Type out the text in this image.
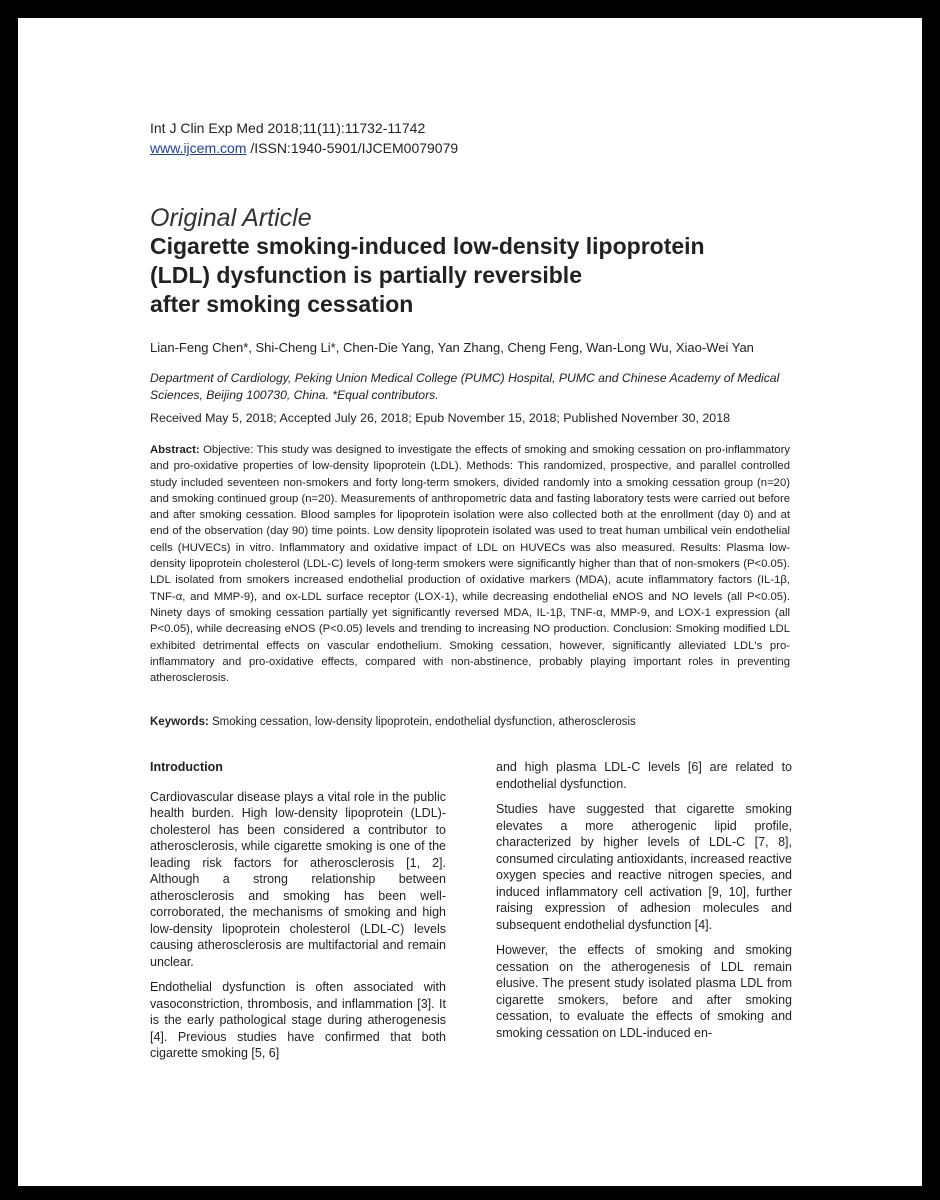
Int J Clin Exp Med 2018;11(11):11732-11742
www.ijcem.com /ISSN:1940-5901/IJCEM0079079
Original Article
Cigarette smoking-induced low-density lipoprotein
(LDL) dysfunction is partially reversible
after smoking cessation
Lian-Feng Chen*, Shi-Cheng Li*, Chen-Die Yang, Yan Zhang, Cheng Feng, Wan-Long Wu, Xiao-Wei Yan
Department of Cardiology, Peking Union Medical College (PUMC) Hospital, PUMC and Chinese Academy of Medical Sciences, Beijing 100730, China. *Equal contributors.
Received May 5, 2018; Accepted July 26, 2018; Epub November 15, 2018; Published November 30, 2018
Abstract: Objective: This study was designed to investigate the effects of smoking and smoking cessation on pro-inflammatory and pro-oxidative properties of low-density lipoprotein (LDL). Methods: This randomized, prospective, and parallel controlled study included seventeen non-smokers and forty long-term smokers, divided randomly into a smoking cessation group (n=20) and smoking continued group (n=20). Measurements of anthropometric data and fasting laboratory tests were carried out before and after smoking cessation. Blood samples for lipoprotein isolation were also collected both at the enrollment (day 0) and at end of the observation (day 90) time points. Low density lipoprotein isolated was used to treat human umbilical vein endothelial cells (HUVECs) in vitro. Inflammatory and oxidative impact of LDL on HUVECs was also measured. Results: Plasma low-density lipoprotein cholesterol (LDL-C) levels of long-term smokers were significantly higher than that of non-smokers (P<0.05). LDL isolated from smokers increased endothelial production of oxidative markers (MDA), acute inflammatory factors (IL-1β, TNF-α, and MMP-9), and ox-LDL surface receptor (LOX-1), while decreasing endothelial eNOS and NO levels (all P<0.05). Ninety days of smoking cessation partially yet significantly reversed MDA, IL-1β, TNF-α, MMP-9, and LOX-1 expression (all P<0.05), while decreasing eNOS (P<0.05) levels and trending to increasing NO production. Conclusion: Smoking modified LDL exhibited detrimental effects on vascular endothelium. Smoking cessation, however, significantly alleviated LDL's pro-inflammatory and pro-oxidative effects, compared with non-abstinence, probably playing important roles in preventing atherosclerosis.
Keywords: Smoking cessation, low-density lipoprotein, endothelial dysfunction, atherosclerosis

Introduction

Cardiovascular disease plays a vital role in the public health burden. High low-density lipoprotein (LDL)-cholesterol has been considered a contributor to atherosclerosis, while cigarette smoking is one of the leading risk factors for atherosclerosis [1, 2]. Although a strong relationship between atherosclerosis and smoking has been well-corroborated, the mechanisms of smoking and high low-density lipoprotein cholesterol (LDL-C) levels causing atherosclerosis are multifactorial and remain unclear.

Endothelial dysfunction is often associated with vasoconstriction, thrombosis, and inflammation [3]. It is the early pathological stage during atherogenesis [4]. Previous studies have confirmed that both cigarette smoking [5, 6]

and high plasma LDL-C levels [6] are related to endothelial dysfunction.

Studies have suggested that cigarette smoking elevates a more atherogenic lipid profile, characterized by higher levels of LDL-C [7, 8], consumed circulating antioxidants, increased reactive oxygen species and reactive nitrogen species, and induced inflammatory cell activation [9, 10], further raising expression of adhesion molecules and subsequent endothelial dysfunction [4].

However, the effects of smoking and smoking cessation on the atherogenesis of LDL remain elusive. The present study isolated plasma LDL from cigarette smokers, before and after smoking cessation, to evaluate the effects of smoking and smoking cessation on LDL-induced en-
